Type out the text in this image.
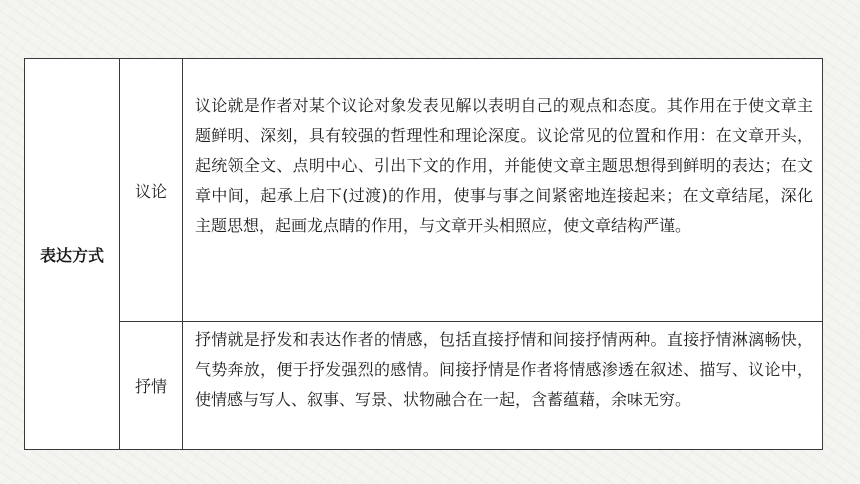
表达方式
议论
议论就是作者对某个议论对象发表见解以表明自己的观点和态度。其作用在于使文章主题鲜明、深刻，具有较强的哲理性和理论深度。议论常见的位置和作用：在文章开头，起统领全文、点明中心、引出下文的作用，并能使文章主题思想得到鲜明的表达；在文章中间，起承上启下(过渡)的作用，使事与事之间紧密地连接起来；在文章结尾，深化主题思想，起画龙点睛的作用，与文章开头相照应，使文章结构严谨。
抒情
抒情就是抒发和表达作者的情感，包括直接抒情和间接抒情两种。直接抒情淋漓畅快，气势奔放，便于抒发强烈的感情。间接抒情是作者将情感渗透在叙述、描写、议论中，使情感与写人、叙事、写景、状物融合在一起，含蓄蕴藉，余味无穷。
